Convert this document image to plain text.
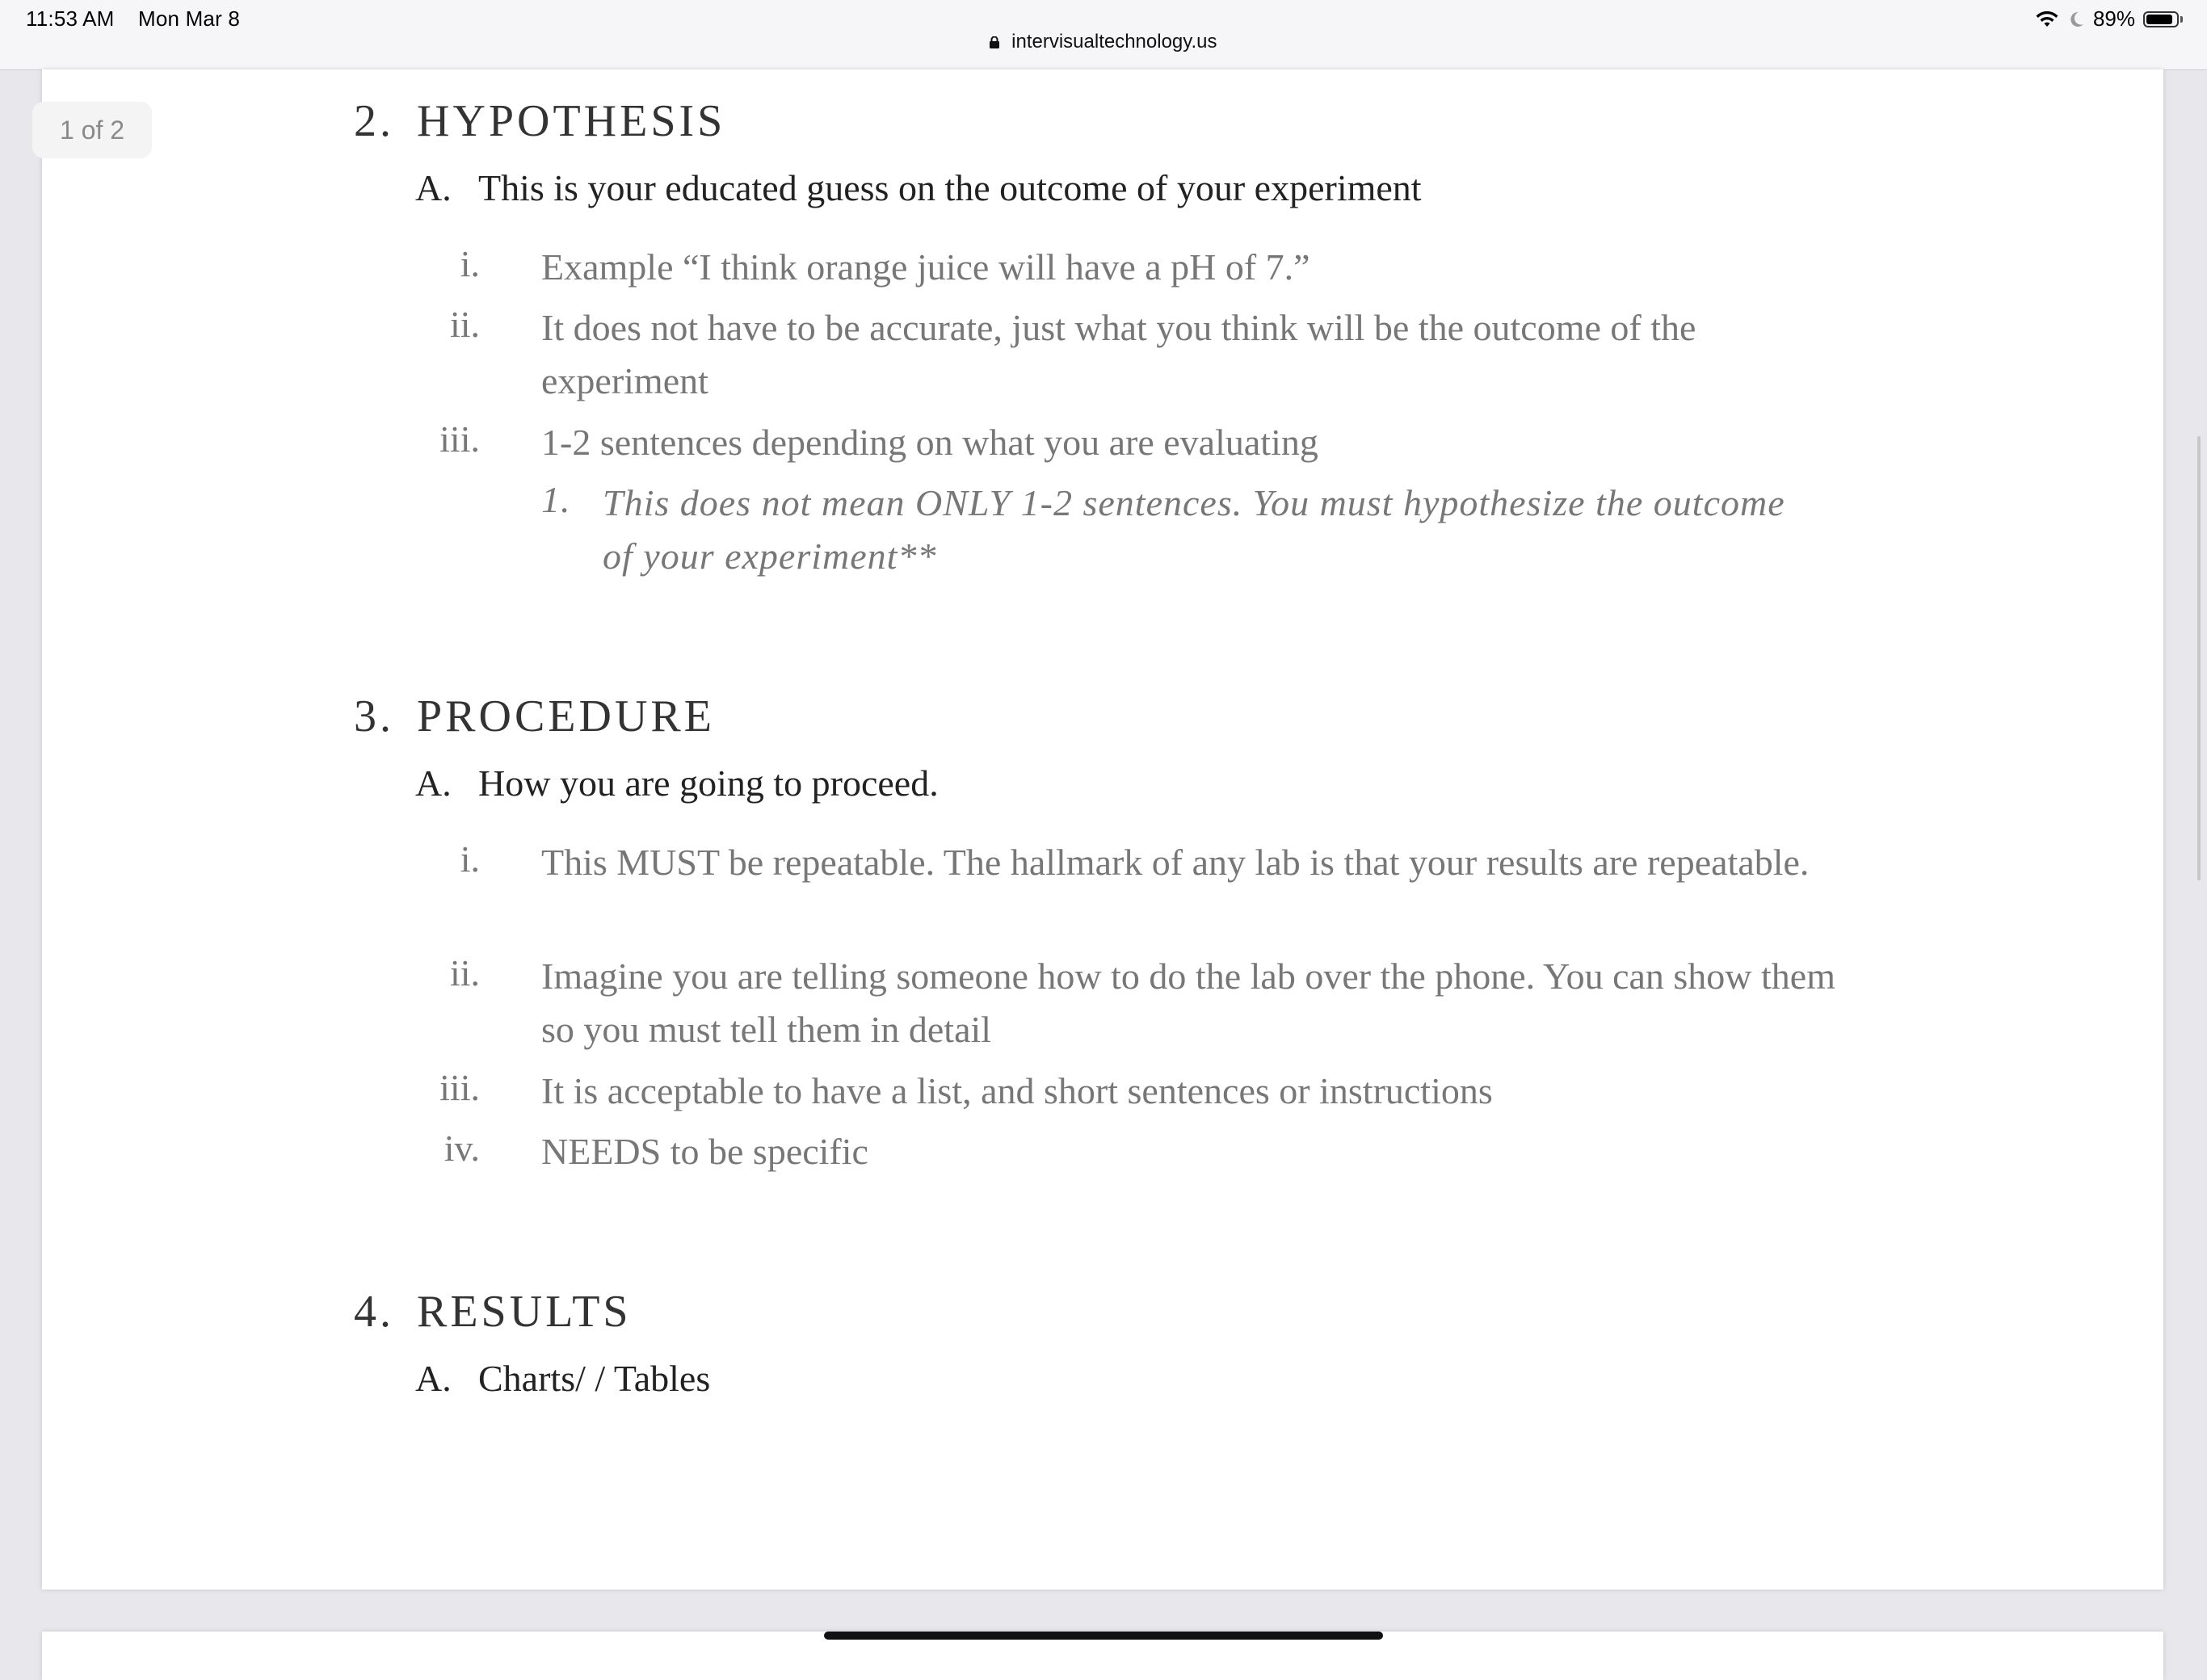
11:53 AM Mon Mar 8	89%
intervisualtechnology.us
1 of 2	2. HYPOTHESIS
A. This is your educated guess on the outcome of your experiment
i. Example “I think orange juice will have a pH of 7.”
ii. It does not have to be accurate, just what you think will be the outcome of the experiment
iii. 1-2 sentences depending on what you are evaluating
1. This does not mean ONLY 1-2 sentences. You must hypothesize the outcome of your experiment**
3. PROCEDURE
A. How you are going to proceed.
i. This MUST be repeatable. The hallmark of any lab is that your results are repeatable.
ii. Imagine you are telling someone how to do the lab over the phone. You can show them so you must tell them in detail
iii. It is acceptable to have a list, and short sentences or instructions
iv. NEEDS to be specific
4. RESULTS
A. Charts/ / Tables
